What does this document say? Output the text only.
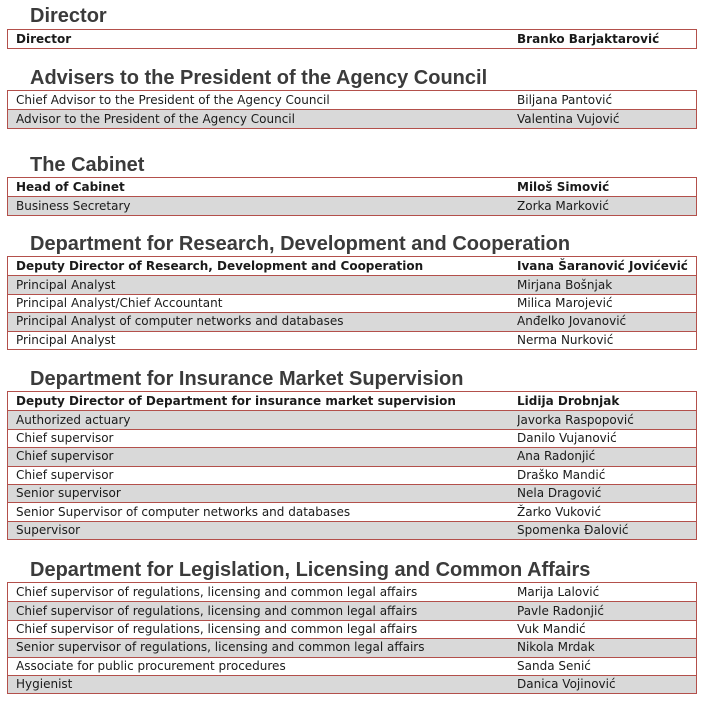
Director
Director	Branko Barjaktarović
Advisers to the President of the Agency Council
Chief Advisor to the President of the Agency Council	Biljana Pantović
Advisor to the President of the Agency Council	Valentina Vujović
The Cabinet
Head of Cabinet	Miloš Simović
Business Secretary	Zorka Marković
Department for Research, Development and Cooperation
Deputy Director of Research, Development and Cooperation	Ivana Šaranović Jovićević
Principal Analyst	Mirjana Bošnjak
Principal Analyst/Chief Accountant	Milica Marojević
Principal Analyst of computer networks and databases	Anđelko Jovanović
Principal Analyst	Nerma Nurković
Department for Insurance Market Supervision
Deputy Director of Department for insurance market supervision	Lidija Drobnjak
Authorized actuary	Javorka Raspopović
Chief supervisor	Danilo Vujanović
Chief supervisor	Ana Radonjić
Chief supervisor	Draško Mandić
Senior supervisor	Nela Dragović
Senior Supervisor of computer networks and databases	Žarko Vuković
Supervisor	Spomenka Đalović
Department for Legislation, Licensing and Common Affairs
Chief supervisor of regulations, licensing and common legal affairs	Marija Lalović
Chief supervisor of regulations, licensing and common legal affairs	Pavle Radonjić
Chief supervisor of regulations, licensing and common legal affairs	Vuk Mandić
Senior supervisor of regulations, licensing and common legal affairs	Nikola Mrdak
Associate for public procurement procedures	Sanda Senić
Hygienist	Danica Vojinović
